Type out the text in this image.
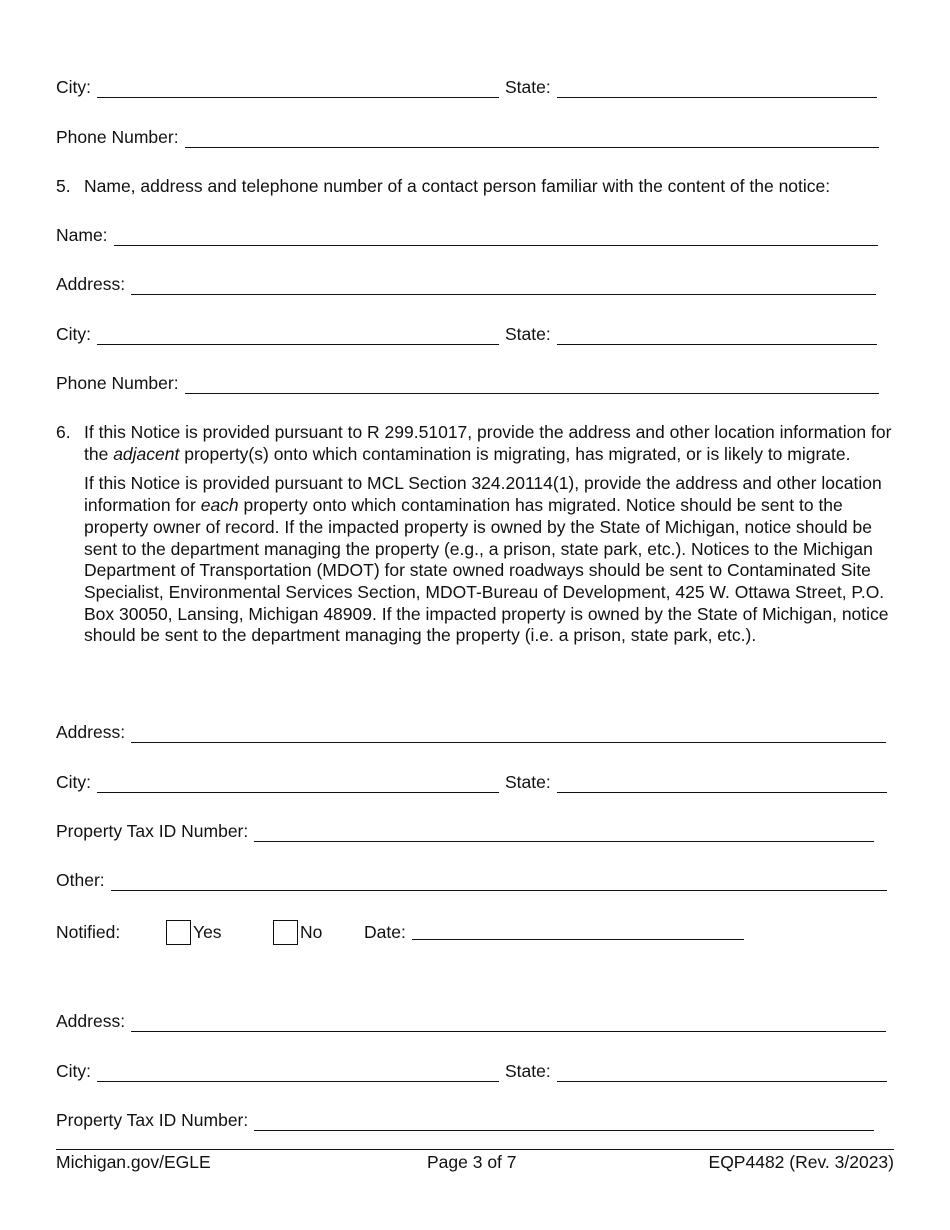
City:	State:
Phone Number:
5. Name, address and telephone number of a contact person familiar with the content of the notice:
Name:
Address:
City:	State:
Phone Number:
6. If this Notice is provided pursuant to R 299.51017, provide the address and other location information for the adjacent property(s) onto which contamination is migrating, has migrated, or is likely to migrate.

If this Notice is provided pursuant to MCL Section 324.20114(1), provide the address and other location information for each property onto which contamination has migrated. Notice should be sent to the property owner of record. If the impacted property is owned by the State of Michigan, notice should be sent to the department managing the property (e.g., a prison, state park, etc.). Notices to the Michigan Department of Transportation (MDOT) for state owned roadways should be sent to Contaminated Site Specialist, Environmental Services Section, MDOT-Bureau of Development, 425 W. Ottawa Street, P.O. Box 30050, Lansing, Michigan 48909. If the impacted property is owned by the State of Michigan, notice should be sent to the department managing the property (i.e. a prison, state park, etc.).

Address:
City:	State:
Property Tax ID Number:
Other:
Notified:	Yes	No	Date:
Address:
City:	State:
Property Tax ID Number:
Michigan.gov/EGLE	Page 3 of 7	EQP4482 (Rev. 3/2023)
